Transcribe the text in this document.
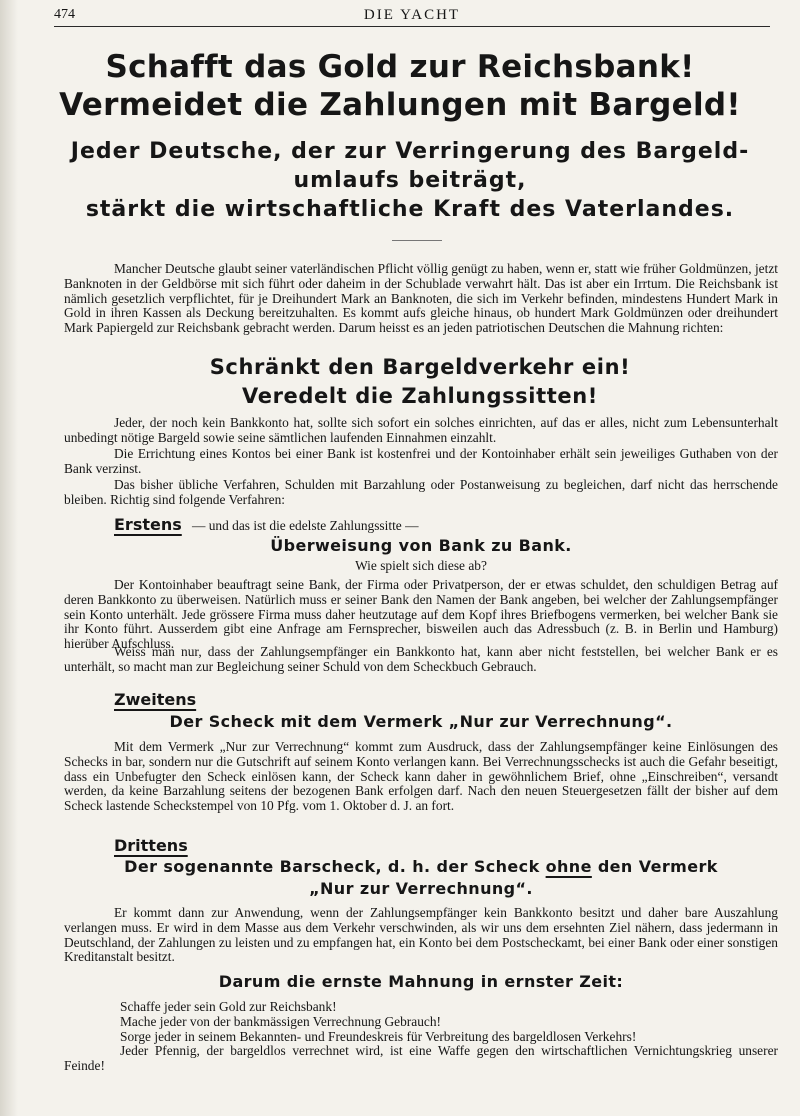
474	DIE YACHT
Schafft das Gold zur Reichsbank!
Vermeidet die Zahlungen mit Bargeld!
Jeder Deutsche, der zur Verringerung des Bargeld-
umlaufs beiträgt,
stärkt die wirtschaftliche Kraft des Vaterlandes.

Mancher Deutsche glaubt seiner vaterländischen Pflicht völlig genügt zu haben, wenn er, statt wie früher Goldmünzen, jetzt Banknoten in der Geldbörse mit sich führt oder daheim in der Schublade verwahrt hält. Das ist aber ein Irrtum. Die Reichsbank ist nämlich gesetzlich verpflichtet, für je Dreihundert Mark an Banknoten, die sich im Verkehr befinden, mindestens Hundert Mark in Gold in ihren Kassen als Deckung bereitzuhalten. Es kommt aufs gleiche hinaus, ob hundert Mark Goldmünzen oder dreihundert Mark Papiergeld zur Reichsbank gebracht werden. Darum heisst es an jeden patriotischen Deutschen die Mahnung richten:

Schränkt den Bargeldverkehr ein!
Veredelt die Zahlungssitten!

Jeder, der noch kein Bankkonto hat, sollte sich sofort ein solches einrichten, auf das er alles, nicht zum Lebensunterhalt unbedingt nötige Bargeld sowie seine sämtlichen laufenden Einnahmen einzahlt.

Die Errichtung eines Kontos bei einer Bank ist kostenfrei und der Kontoinhaber erhält sein jeweiliges Guthaben von der Bank verzinst.

Das bisher übliche Verfahren, Schulden mit Barzahlung oder Postanweisung zu begleichen, darf nicht das herrschende bleiben. Richtig sind folgende Verfahren:

Erstens — und das ist die edelste Zahlungssitte —
Überweisung von Bank zu Bank.
Wie spielt sich diese ab?

Der Kontoinhaber beauftragt seine Bank, der Firma oder Privatperson, der er etwas schuldet, den schuldigen Betrag auf deren Bankkonto zu überweisen. Natürlich muss er seiner Bank den Namen der Bank angeben, bei welcher der Zahlungsempfänger sein Konto unterhält. Jede grössere Firma muss daher heutzutage auf dem Kopf ihres Briefbogens vermerken, bei welcher Bank sie ihr Konto führt. Ausserdem gibt eine Anfrage am Fernsprecher, bisweilen auch das Adressbuch (z. B. in Berlin und Hamburg) hierüber Aufschluss.

Weiss man nur, dass der Zahlungsempfänger ein Bankkonto hat, kann aber nicht feststellen, bei welcher Bank er es unterhält, so macht man zur Begleichung seiner Schuld von dem Scheckbuch Gebrauch.

Zweitens
Der Scheck mit dem Vermerk „Nur zur Verrechnung“.

Mit dem Vermerk „Nur zur Verrechnung“ kommt zum Ausdruck, dass der Zahlungsempfänger keine Einlösungen des Schecks in bar, sondern nur die Gutschrift auf seinem Konto verlangen kann. Bei Verrechnungsschecks ist auch die Gefahr beseitigt, dass ein Unbefugter den Scheck einlösen kann, der Scheck kann daher in gewöhnlichem Brief, ohne „Einschreiben“, versandt werden, da keine Barzahlung seitens der bezogenen Bank erfolgen darf. Nach den neuen Steuergesetzen fällt der bisher auf dem Scheck lastende Scheckstempel von 10 Pfg. vom 1. Oktober d. J. an fort.

Drittens
Der sogenannte Barscheck, d. h. der Scheck ohne den Vermerk
„Nur zur Verrechnung“.

Er kommt dann zur Anwendung, wenn der Zahlungsempfänger kein Bankkonto besitzt und daher bare Auszahlung verlangen muss. Er wird in dem Masse aus dem Verkehr verschwinden, als wir uns dem ersehnten Ziel nähern, dass jedermann in Deutschland, der Zahlungen zu leisten und zu empfangen hat, ein Konto bei dem Postscheckamt, bei einer Bank oder einer sonstigen Kreditanstalt besitzt.

Darum die ernste Mahnung in ernster Zeit:
Schaffe jeder sein Gold zur Reichsbank!
Mache jeder von der bankmässigen Verrechnung Gebrauch!
Sorge jeder in seinem Bekannten- und Freundeskreis für Verbreitung des bargeldlosen Verkehrs!
Jeder Pfennig, der bargeldlos verrechnet wird, ist eine Waffe gegen den wirtschaftlichen Vernichtungskrieg unserer Feinde!
